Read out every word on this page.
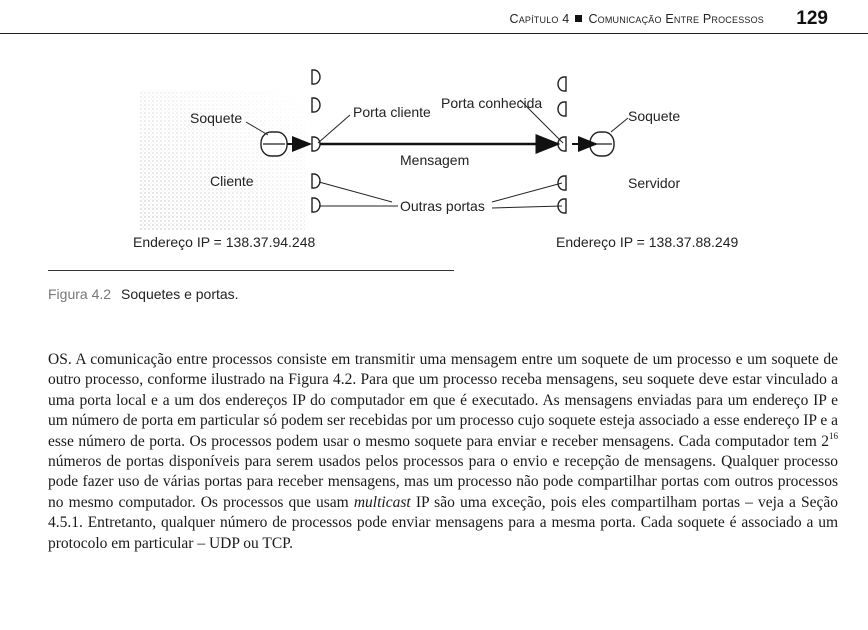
Capítulo 4 Comunicação Entre Processos 129
Soquete	Porta cliente
Porta conhecida
Soquete
Mensagem
Cliente	Servidor
Outras portas
Endereço IP = 138.37.94.248	Endereço IP = 138.37.88.249
Figura 4.2 Soquetes e portas.

OS. A comunicação entre processos consiste em transmitir uma mensagem entre um soquete de um processo e um soquete de outro processo, conforme ilustrado na Figura 4.2. Para que um processo receba mensagens, seu soquete deve estar vinculado a uma porta local e a um dos endereços IP do computador em que é executado. As mensagens enviadas para um endereço IP e um número de porta em particular só podem ser recebidas por um processo cujo soquete esteja associado a esse endereço IP e a esse número de porta. Os processos podem usar o mesmo soquete para enviar e receber mensagens. Cada computador tem $2^{16}$ números de portas disponíveis para serem usados pelos processos para o envio e recepção de mensagens. Qualquer processo pode fazer uso de várias portas para receber mensagens, mas um processo não pode compartilhar portas com outros processos no mesmo computador. Os processos que usam multicast IP são uma exceção, pois eles compartilham portas – veja a Seção 4.5.1. Entretanto, qualquer número de processos pode enviar mensagens para a mesma porta. Cada soquete é associado a um protocolo em particular – UDP ou TCP.
